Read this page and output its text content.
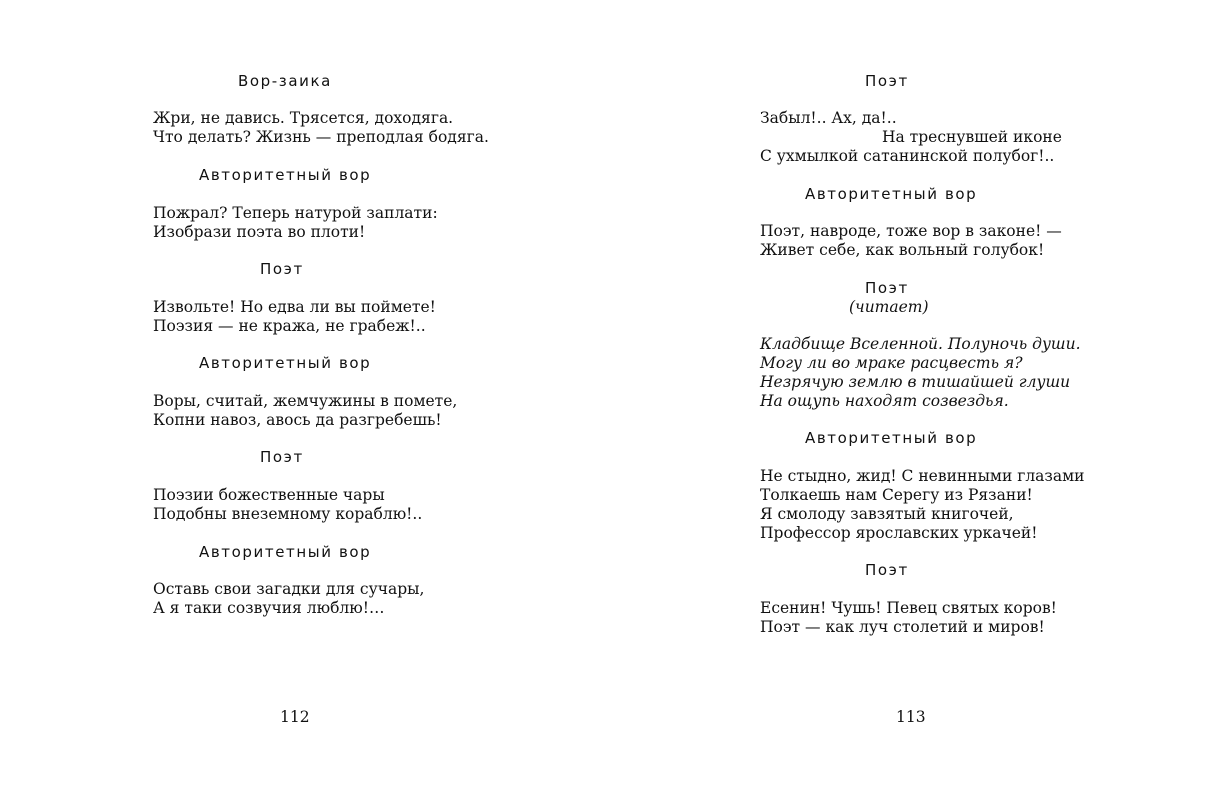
Вор-заика
Жри, не давись. Трясется, доходяга.
Что делать? Жизнь — преподлая бодяга.
Авторитетный вор
Пожрал? Теперь натурой заплати:
Изобрази поэта во плоти!
Поэт
Извольте! Но едва ли вы поймете!
Поэзия — не кража, не грабеж!..
Авторитетный вор
Воры, считай, жемчужины в помете,
Копни навоз, авось да разгребешь!
Поэт
Поэзии божественные чары
Подобны внеземному кораблю!..
Авторитетный вор
Оставь свои загадки для сучары,
А я таки созвучия люблю!…
112
Поэт
Забыл!.. Ах, да!..
На треснувшей иконе
С ухмылкой сатанинской полубог!..
Авторитетный вор
Поэт, навроде, тоже вор в законе! —
Живет себе, как вольный голубок!
Поэт
(читает)
Кладбище Вселенной. Полуночь души.
Могу ли во мраке расцвесть я?
Незрячую землю в тишайшей глуши
На ощупь находят созвездья.
Авторитетный вор
Не стыдно, жид! С невинными глазами
Толкаешь нам Серегу из Рязани!
Я смолоду завзятый книгочей,
Профессор ярославских уркачей!
Поэт
Есенин! Чушь! Певец святых коров!
Поэт — как луч столетий и миров!
113
